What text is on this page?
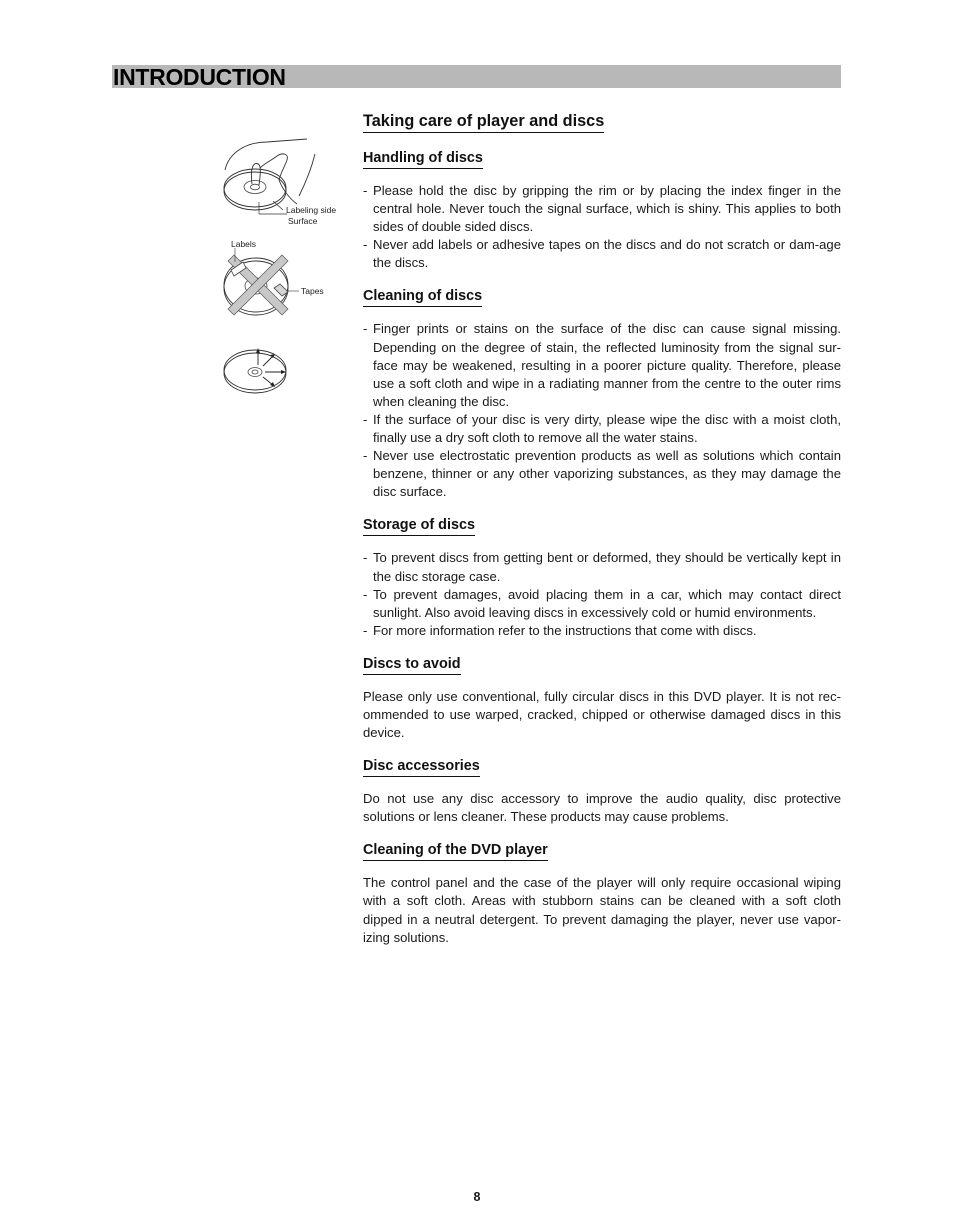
INTRODUCTION
Labeling side
Surface
Labels
Tapes
Taking care of player and discs
Handling of discs
- Please hold the disc by gripping the rim or by placing the index finger in the central hole. Never touch the signal surface, which is shiny. This applies to both sides of double sided discs.
- Never add labels or adhesive tapes on the discs and do not scratch or dam-age the discs.
Cleaning of discs
- Finger prints or stains on the surface of the disc can cause signal missing. Depending on the degree of stain, the reflected luminosity from the signal sur-face may be weakened, resulting in a poorer picture quality. Therefore, please use a soft cloth and wipe in a radiating manner from the centre to the outer rims when cleaning the disc.
- If the surface of your disc is very dirty, please wipe the disc with a moist cloth, finally use a dry soft cloth to remove all the water stains.
- Never use electrostatic prevention products as well as solutions which contain benzene, thinner or any other vaporizing substances, as they may damage the disc surface.
Storage of discs
- To prevent discs from getting bent or deformed, they should be vertically kept in the disc storage case.
- To prevent damages, avoid placing them in a car, which may contact direct sunlight. Also avoid leaving discs in excessively cold or humid environments.
- For more information refer to the instructions that come with discs.
Discs to avoid

Please only use conventional, fully circular discs in this DVD player. It is not rec-ommended to use warped, cracked, chipped or otherwise damaged discs in this device.

Disc accessories

Do not use any disc accessory to improve the audio quality, disc protective solutions or lens cleaner. These products may cause problems.

Cleaning of the DVD player

The control panel and the case of the player will only require occasional wiping with a soft cloth. Areas with stubborn stains can be cleaned with a soft cloth dipped in a neutral detergent. To prevent damaging the player, never use vapor-izing solutions.

8
